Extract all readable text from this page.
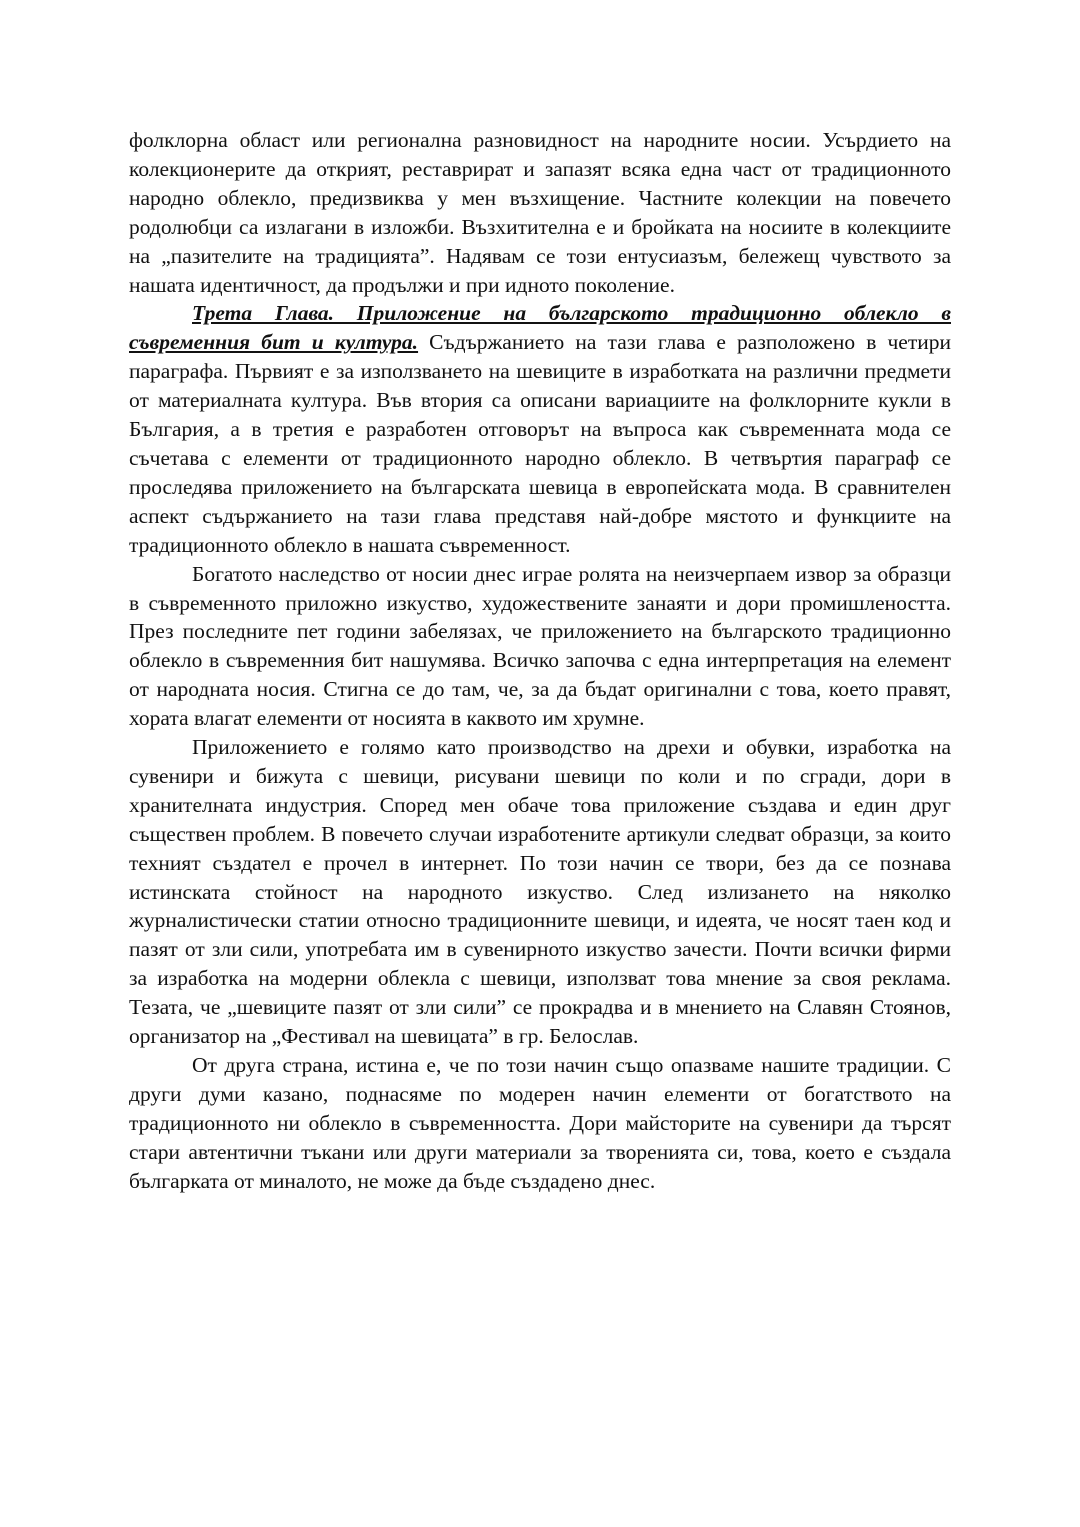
фолклорна област или регионална разновидност на народните носии. Усърдието на колекционерите да открият, реставрират и запазят всяка една част от традиционното народно облекло, предизвиква у мен възхищение. Частните колекции на повечето родолюбци са излагани в изложби. Възхитителна е и бройката на носиите в колекциите на „пазителите на традицията”. Надявам се този ентусиазъм, бележещ чувството за нашата идентичност, да продължи и при идното поколение.

Трета Глава. Приложение на българското традиционно облекло в съвременния бит и култура. Съдържанието на тази глава е разположено в четири параграфа. Първият е за използването на шевиците в изработката на различни предмети от материалната култура. Във втория са описани вариациите на фолклорните кукли в България, а в третия е разработен отговорът на въпроса как съвременната мода се съчетава с елементи от традиционното народно облекло. В четвъртия параграф се проследява приложението на българската шевица в европейската мода. В сравнителен аспект съдържанието на тази глава представя най-добре мястото и функциите на традиционното облекло в нашата съвременност.

Богатото наследство от носии днес играе ролята на неизчерпаем извор за образци в съвременното приложно изкуство, художествените занаяти и дори промишлеността. През последните пет години забелязах, че приложението на българското традиционно облекло в съвременния бит нашумява. Всичко започва с една интерпретация на елемент от народната носия. Стигна се до там, че, за да бъдат оригинални с това, което правят, хората влагат елементи от носията в каквото им хрумне.

Приложението е голямо като производство на дрехи и обувки, изработка на сувенири и бижута с шевици, рисувани шевици по коли и по сгради, дори в хранителната индустрия. Според мен обаче това приложение създава и един друг съществен проблем. В повечето случаи изработените артикули следват образци, за които техният създател е прочел в интернет. По този начин се твори, без да се познава истинската стойност на народното изкуство. След излизането на няколко журналистически статии относно традиционните шевици, и идеята, че носят таен код и пазят от зли сили, употребата им в сувенирното изкуство зачести. Почти всички фирми за изработка на модерни облекла с шевици, използват това мнение за своя реклама. Тезата, че „шевиците пазят от зли сили” се прокрадва и в мнението на Славян Стоянов, организатор на „Фестивал на шевицата” в гр. Белослав.

От друга страна, истина е, че по този начин също опазваме нашите традиции. С други думи казано, поднасяме по модерен начин елементи от богатството на традиционното ни облекло в съвременността. Дори майсторите на сувенири да търсят стари автентични тъкани или други материали за творенията си, това, което е създала българката от миналото, не може да бъде създадено днес.
